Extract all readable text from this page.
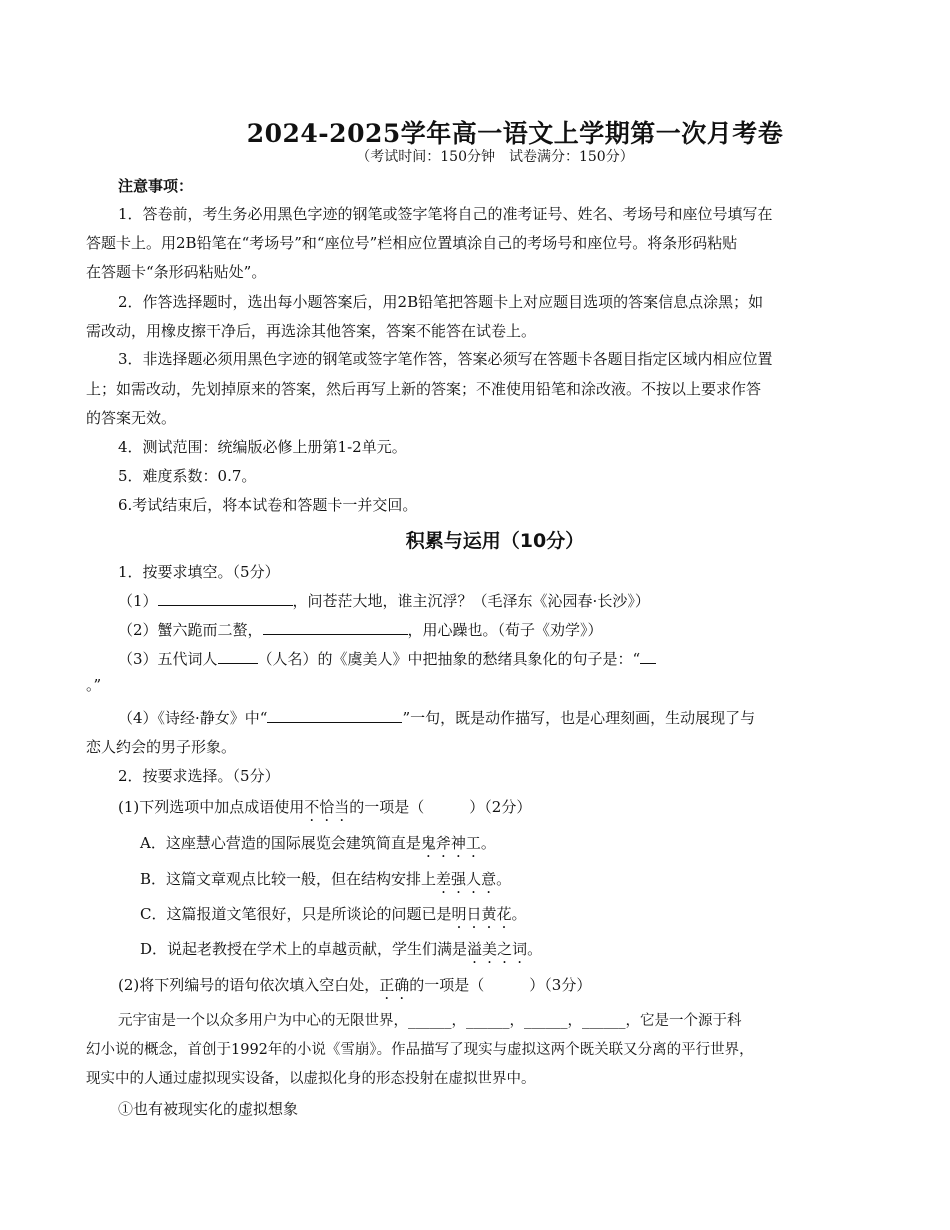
2024-2025学年高一语文上学期第一次月考卷
（考试时间：150分钟　试卷满分：150分）
注意事项：
1．答卷前，考生务必用黑色字迹的钢笔或签字笔将自己的准考证号、姓名、考场号和座位号填写在
答题卡上。用2B铅笔在“考场号”和“座位号”栏相应位置填涂自己的考场号和座位号。将条形码粘贴
在答题卡“条形码粘贴处”。
2．作答选择题时，选出每小题答案后，用2B铅笔把答题卡上对应题目选项的答案信息点涂黑；如
需改动，用橡皮擦干净后，再选涂其他答案，答案不能答在试卷上。
3．非选择题必须用黑色字迹的钢笔或签字笔作答，答案必须写在答题卡各题目指定区域内相应位置
上；如需改动，先划掉原来的答案，然后再写上新的答案；不准使用铅笔和涂改液。不按以上要求作答
的答案无效。
4．测试范围：统编版必修上册第1-2单元。
5．难度系数：0.7。
6.考试结束后，将本试卷和答题卡一并交回。
积累与运用（10分）
1．按要求填空。（5分）
（1）	，问苍茫大地，谁主沉浮？（毛泽东《沁园春·长沙》）
（2）蟹六跪而二螯，	，用心躁也。（荀子《劝学》）
（3）五代词人	（人名）的《虞美人》中把抽象的愁绪具象化的句子是：“
。”
（4）《诗经·静女》中“	”一句，既是动作描写，也是心理刻画，生动展现了与
恋人约会的男子形象。
2．按要求选择。（5分）
(1)下列选项中加点成语使用不恰当的一项是（　　　）（2分）
A．这座慧心营造的国际展览会建筑简直是鬼斧神工。
B．这篇文章观点比较一般，但在结构安排上差强人意。
C．这篇报道文笔很好，只是所谈论的问题已是明日黄花。
D．说起老教授在学术上的卓越贡献，学生们满是溢美之词。
(2)将下列编号的语句依次填入空白处，正确的一项是（　　　）（3分）
元宇宙是一个以众多用户为中心的无限世界，______，______，______，______，它是一个源于科
幻小说的概念，首创于1992年的小说《雪崩》。作品描写了现实与虚拟这两个既关联又分离的平行世界，
现实中的人通过虚拟现实设备，以虚拟化身的形态投射在虚拟世界中。
①也有被现实化的虚拟想象
